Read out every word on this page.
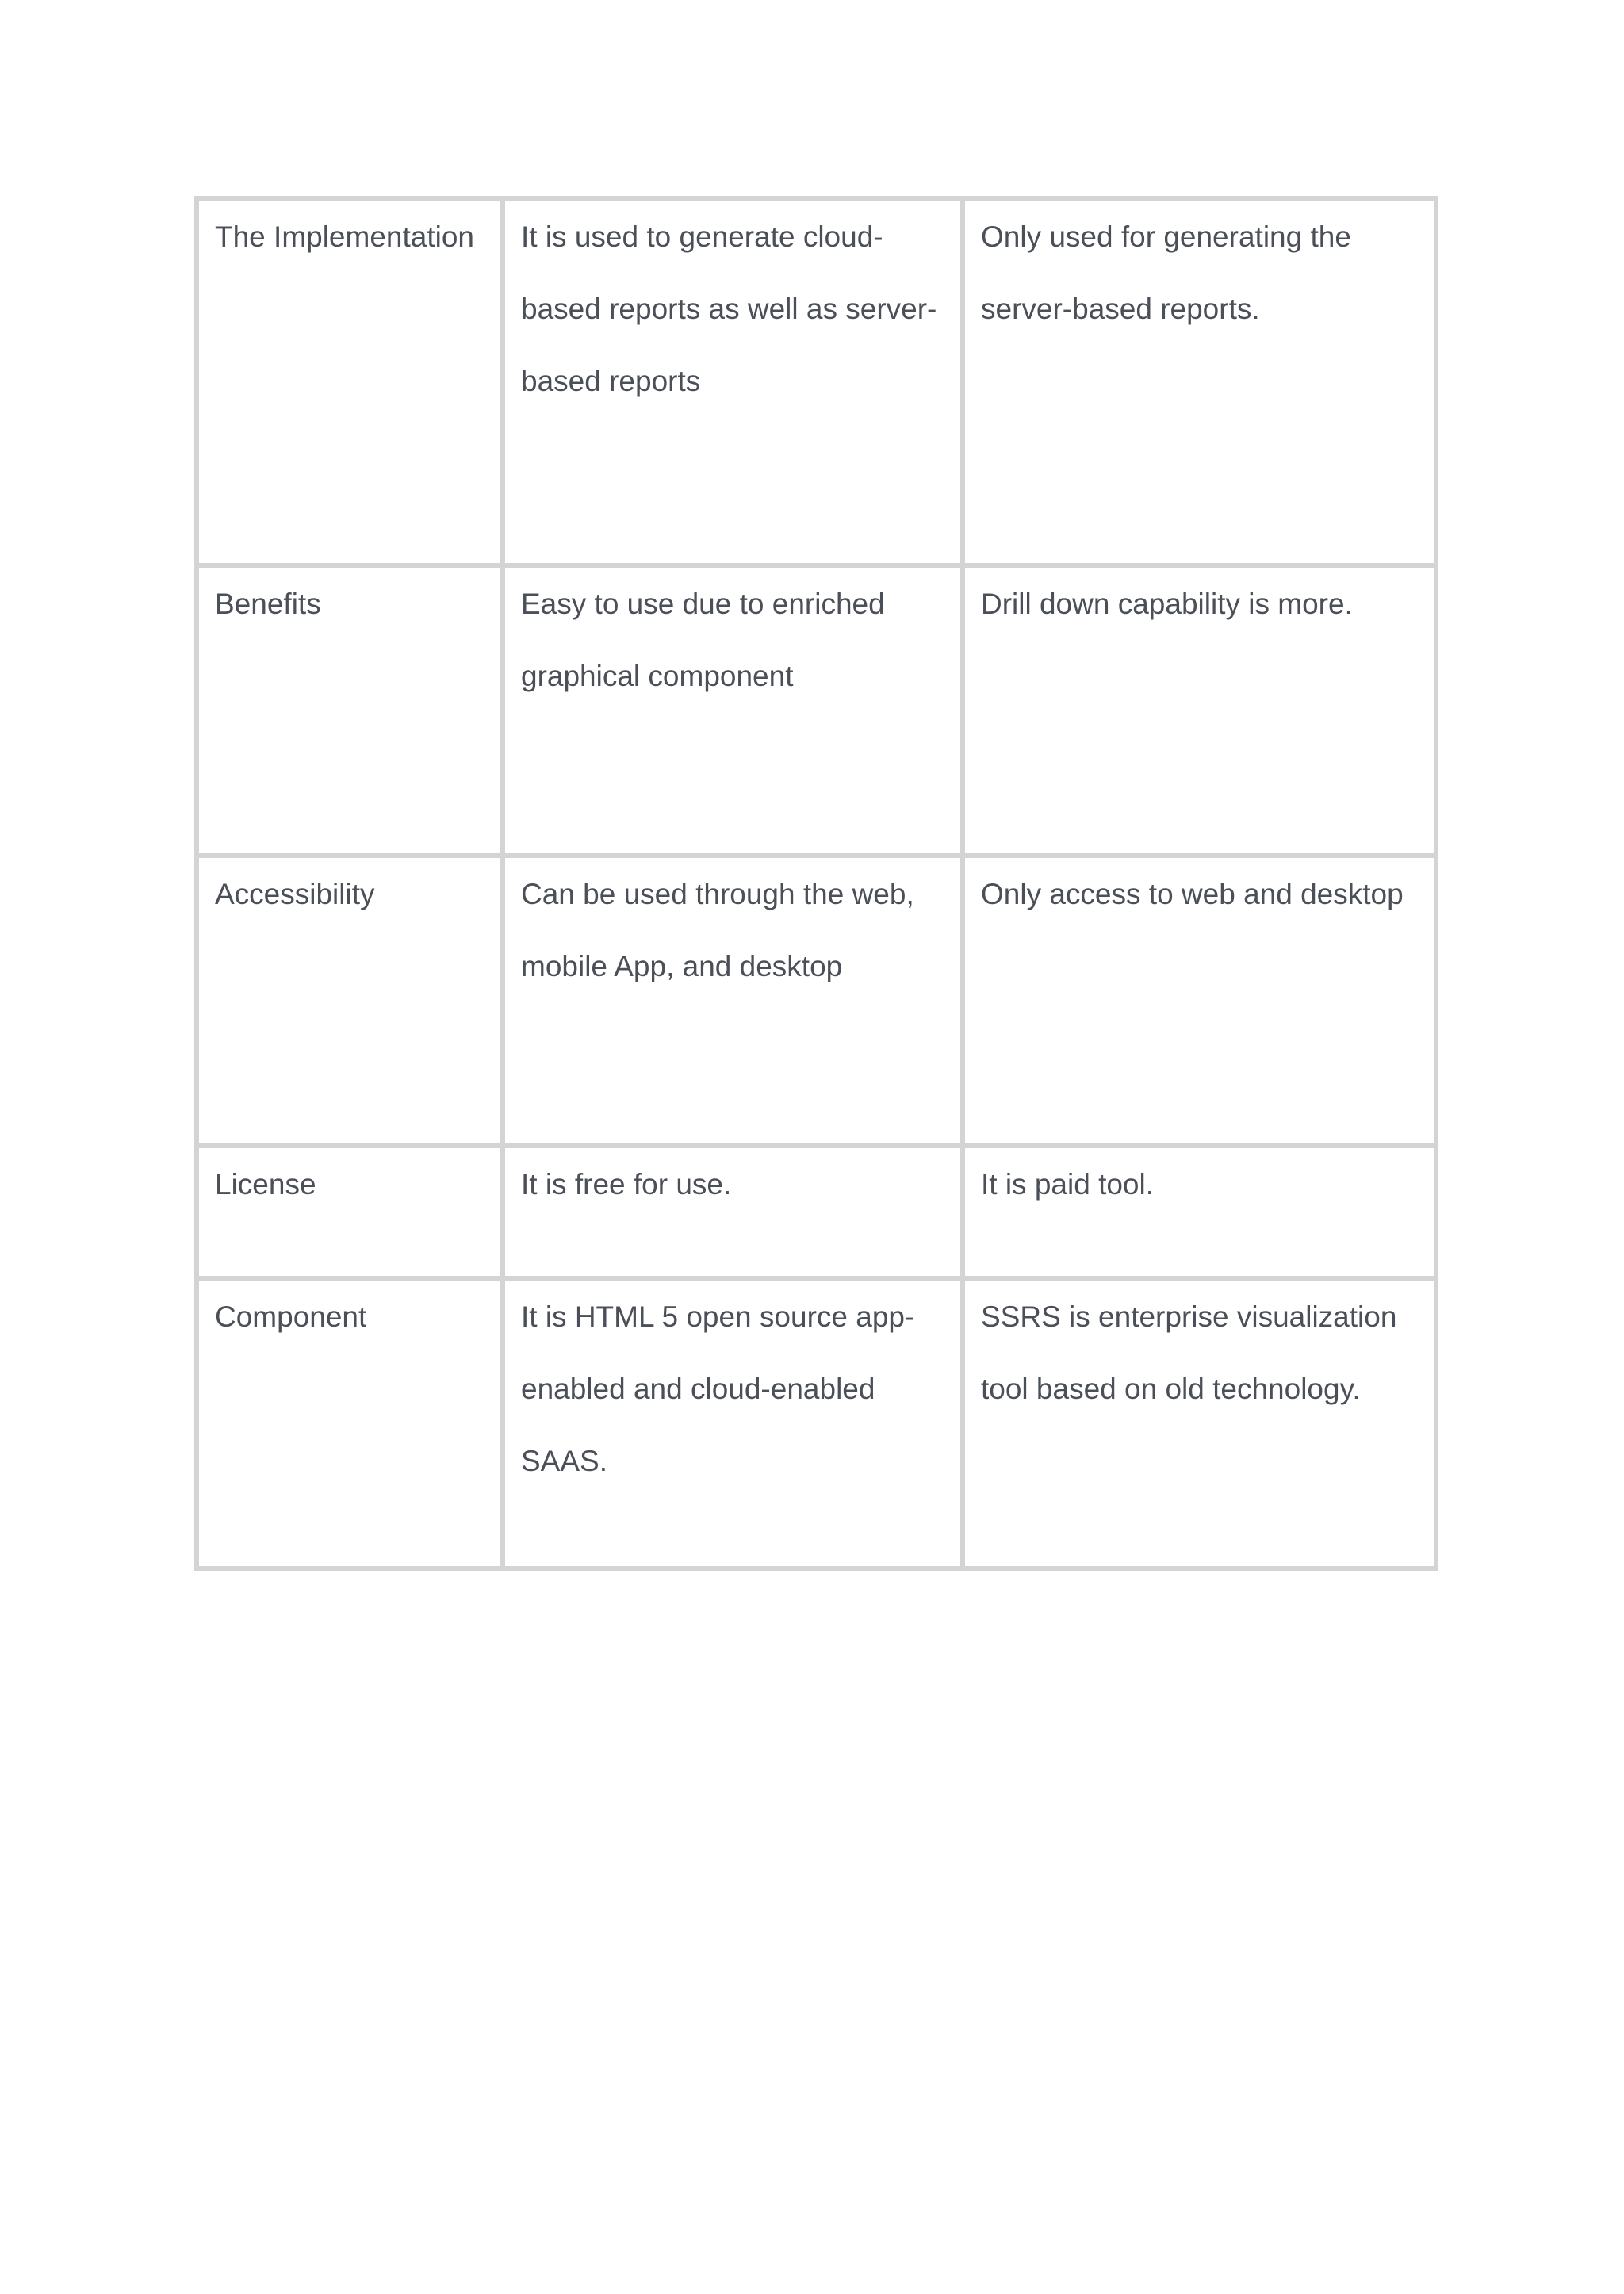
The Implementation	It is used to generate cloud-based reports as well as server-based reports	Only used for generating the server-based reports.

Benefits	Easy to use due to enriched graphical component	Drill down capability is more.

Accessibility	Can be used through the web, mobile App, and desktop	Only access to web and desktop

License	It is free for use.	It is paid tool.

Component	It is HTML 5 open source app-enabled and cloud-enabled SAAS.	SSRS is enterprise visualization tool based on old technology.
